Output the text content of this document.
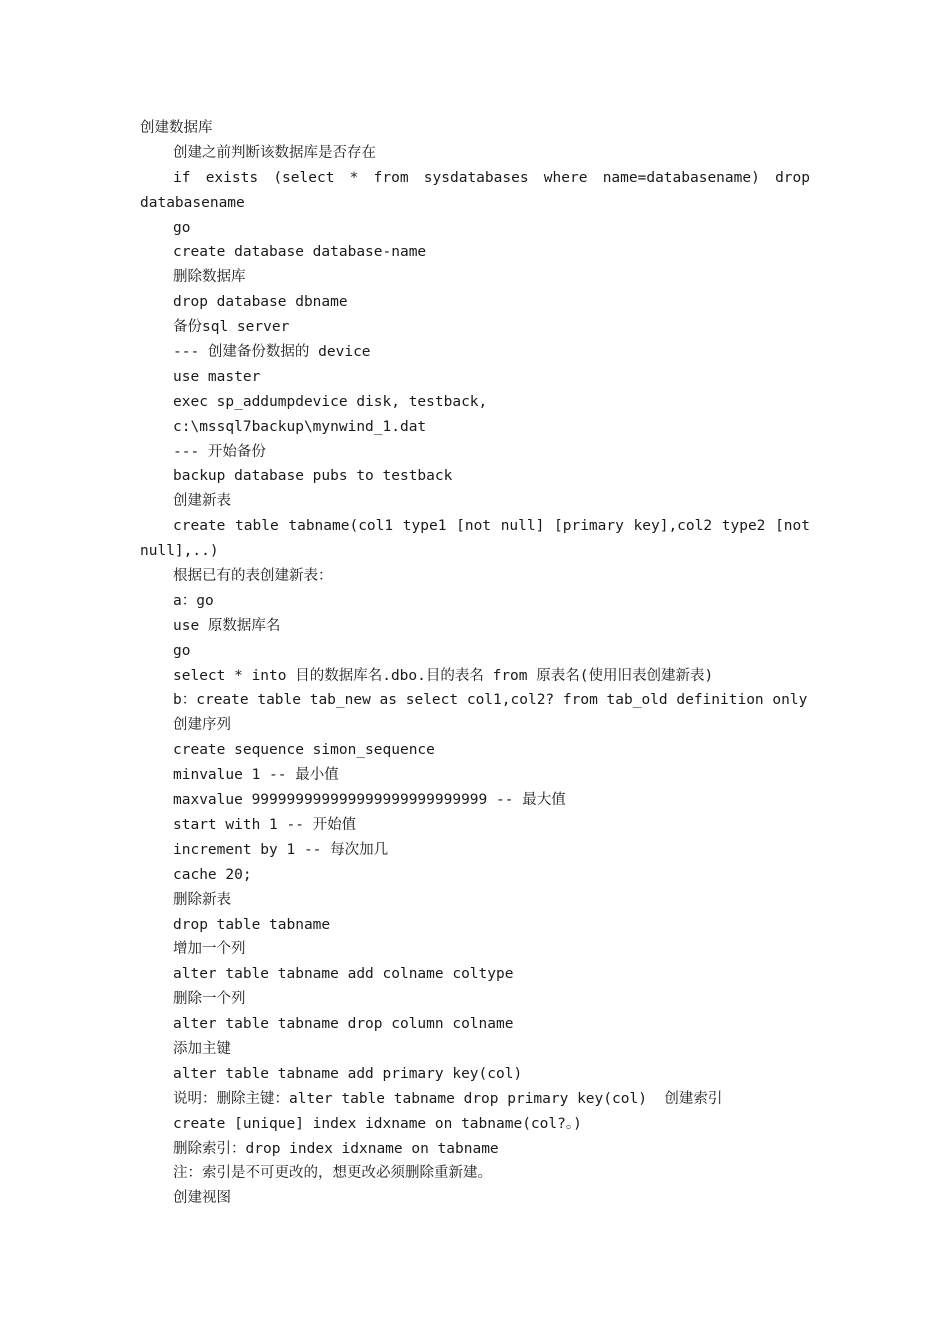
创建数据库
创建之前判断该数据库是否存在
if exists (select * from sysdatabases where name=databasename) drop
databasename
go
create database database-name
删除数据库
drop database dbname
备份sql server
--- 创建备份数据的 device
use master
exec sp_addumpdevice disk, testback,
c:\mssql7backup\mynwind_1.dat
--- 开始备份
backup database pubs to testback
创建新表
create table tabname(col1 type1 [not null] [primary key],col2 type2 [not
null],..)
根据已有的表创建新表：
a：go
use 原数据库名
go
select * into 目的数据库名.dbo.目的表名 from 原表名(使用旧表创建新表)
b：create table tab_new as select col1,col2? from tab_old definition only
创建序列
create sequence simon_sequence
minvalue 1 -- 最小值
maxvalue 999999999999999999999999999 -- 最大值
start with 1 -- 开始值
increment by 1 -- 每次加几
cache 20;
删除新表
drop table tabname
增加一个列
alter table tabname add colname coltype
删除一个列
alter table tabname drop column colname
添加主键
alter table tabname add primary key(col)
说明：删除主键：alter table tabname drop primary key(col)  创建索引
create [unique] index idxname on tabname(col?。)
删除索引：drop index idxname on tabname
注：索引是不可更改的，想更改必须删除重新建。
创建视图
